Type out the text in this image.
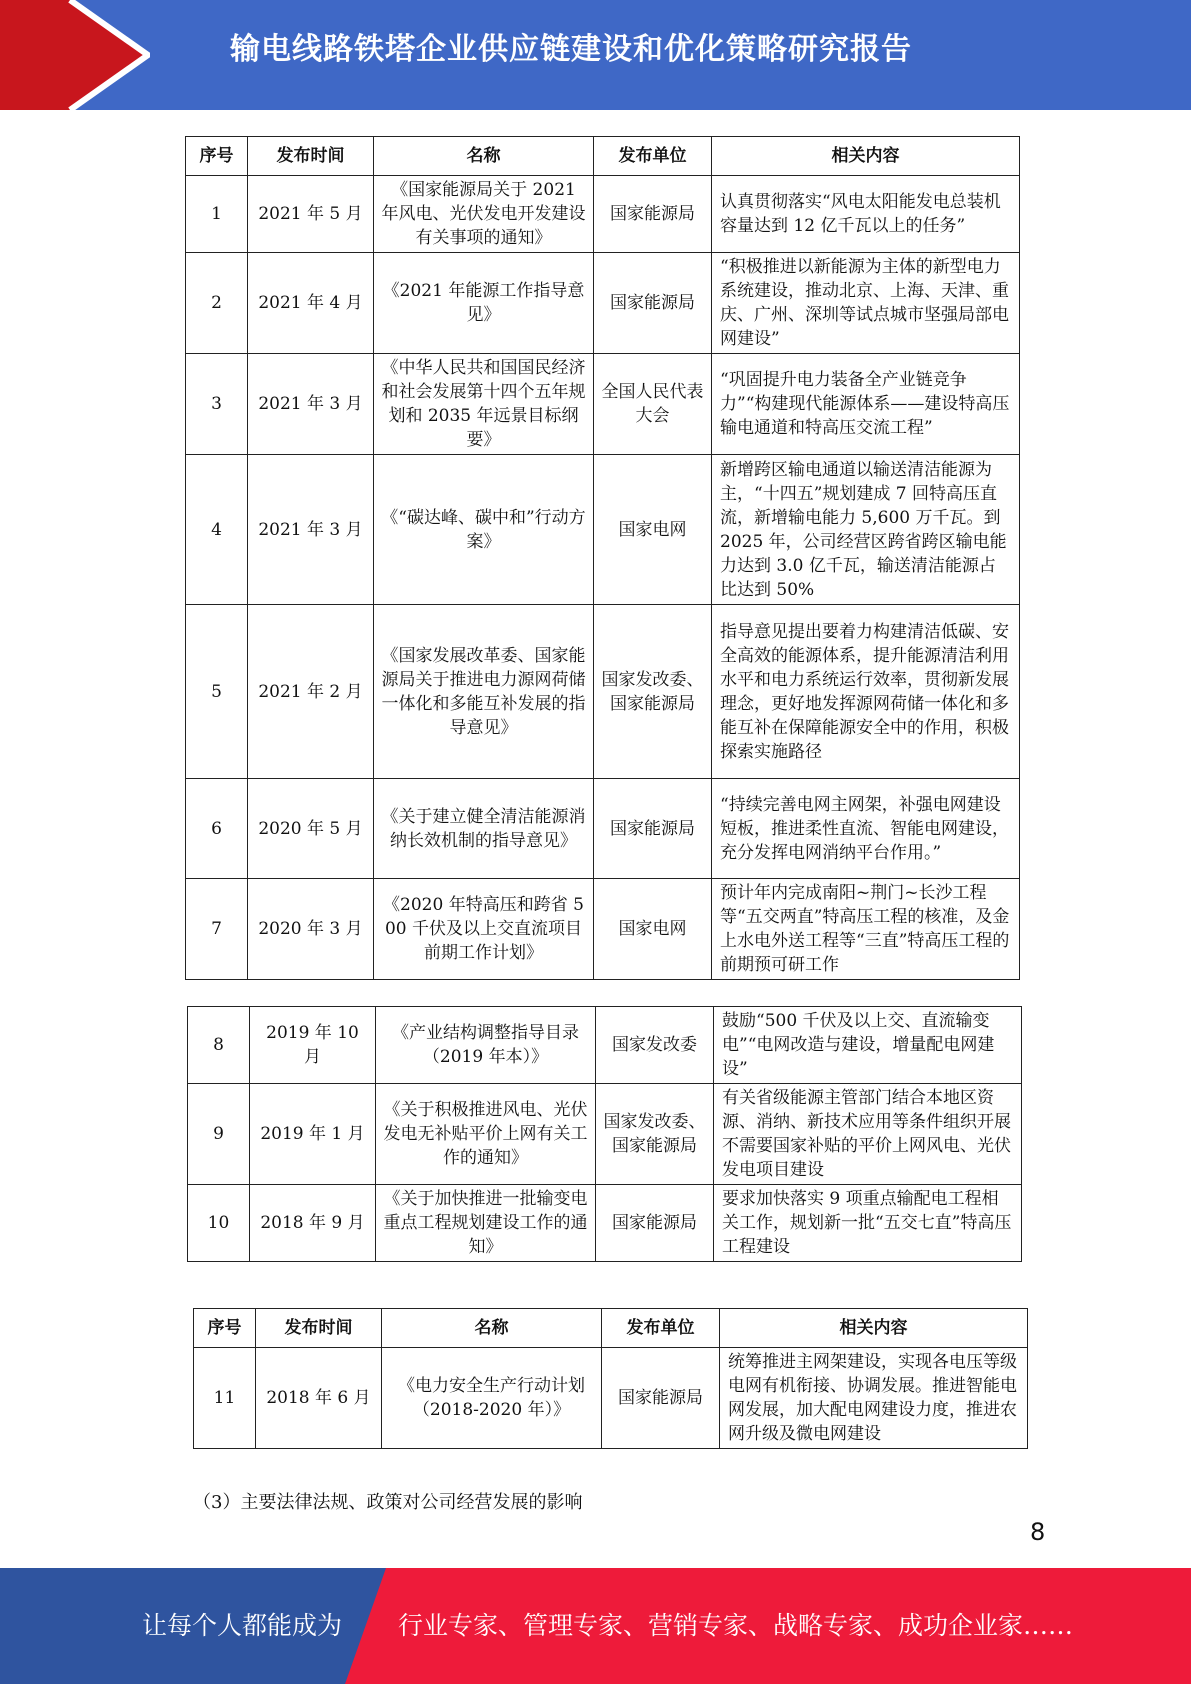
输电线路铁塔企业供应链建设和优化策略研究报告
序号	发布时间	名称	发布单位	相关内容
1	2021 年 5 月	《国家能源局关于 2021 年风电、光伏发电开发建设有关事项的通知》	国家能源局	认真贯彻落实“风电太阳能发电总装机容量达到 12 亿千瓦以上的任务”
2	2021 年 4 月	《2021 年能源工作指导意见》	国家能源局	“积极推进以新能源为主体的新型电力系统建设，推动北京、上海、天津、重庆、广州、深圳等试点城市坚强局部电网建设”
3	2021 年 3 月	《中华人民共和国国民经济和社会发展第十四个五年规划和 2035 年远景目标纲要》	全国人民代表大会	“巩固提升电力装备全产业链竞争力”“构建现代能源体系——建设特高压输电通道和特高压交流工程”
4	2021 年 3 月	《“碳达峰、碳中和”行动方案》	国家电网	新增跨区输电通道以输送清洁能源为主，“十四五”规划建成 7 回特高压直流，新增输电能力 5,600 万千瓦。到 2025 年，公司经营区跨省跨区输电能力达到 3.0 亿千瓦，输送清洁能源占比达到 50%
5	2021 年 2 月	《国家发展改革委、国家能源局关于推进电力源网荷储一体化和多能互补发展的指导意见》	国家发改委、国家能源局	指导意见提出要着力构建清洁低碳、安全高效的能源体系，提升能源清洁利用水平和电力系统运行效率，贯彻新发展理念，更好地发挥源网荷储一体化和多能互补在保障能源安全中的作用，积极探索实施路径
6	2020 年 5 月	《关于建立健全清洁能源消纳长效机制的指导意见》	国家能源局	“持续完善电网主网架，补强电网建设短板，推进柔性直流、智能电网建设，充分发挥电网消纳平台作用。”
7	2020 年 3 月	《2020 年特高压和跨省 500 千伏及以上交直流项目前期工作计划》	国家电网	预计年内完成南阳~荆门~长沙工程等“五交两直”特高压工程的核准，及金上水电外送工程等“三直”特高压工程的前期预可研工作
8	2019 年 10 月	《产业结构调整指导目录（2019 年本）》	国家发改委	鼓励“500 千伏及以上交、直流输变电”“电网改造与建设，增量配电网建设”
9	2019 年 1 月	《关于积极推进风电、光伏发电无补贴平价上网有关工作的通知》	国家发改委、国家能源局	有关省级能源主管部门结合本地区资源、消纳、新技术应用等条件组织开展不需要国家补贴的平价上网风电、光伏发电项目建设
10	2018 年 9 月	《关于加快推进一批输变电重点工程规划建设工作的通知》	国家能源局	要求加快落实 9 项重点输配电工程相关工作，规划新一批“五交七直”特高压工程建设
序号	发布时间	名称	发布单位	相关内容
11	2018 年 6 月	《电力安全生产行动计划（2018-2020 年）》	国家能源局	统筹推进主网架建设，实现各电压等级电网有机衔接、协调发展。推进智能电网发展，加大配电网建设力度，推进农网升级及微电网建设
（3）主要法律法规、政策对公司经营发展的影响
8
让每个人都能成为 行业专家、管理专家、营销专家、战略专家、成功企业家……
